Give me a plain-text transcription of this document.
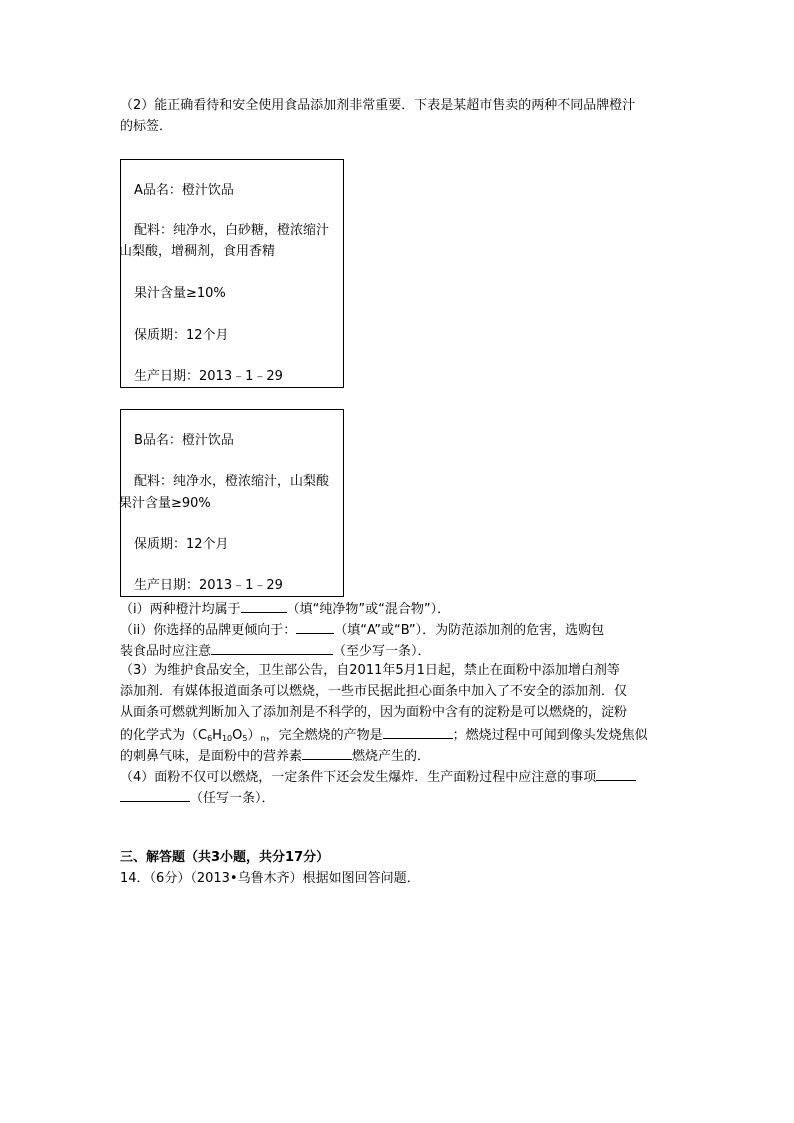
（2）能正确看待和安全使用食品添加剂非常重要．下表是某超市售卖的两种不同品牌橙汁
的标签．
A品名：橙汁饮品
配料：纯净水，白砂糖，橙浓缩汁
山梨酸，增稠剂，食用香精
果汁含量≥10%
保质期：12个月
生产日期：2013﹣1﹣29
B品名：橙汁饮品
配料：纯净水，橙浓缩汁，山梨酸
果汁含量≥90%
保质期：12个月
生产日期：2013﹣1﹣29
（i）两种橙汁均属于	（填“纯净物”或“混合物”）．
（ii）你选择的品牌更倾向于：	（填“A”或“B”）．为防范添加剂的危害，选购包
装食品时应注意	（至少写一条）．
（3）为维护食品安全，卫生部公告，自2011年5月1日起，禁止在面粉中添加增白剂等
添加剂．有媒体报道面条可以燃烧，一些市民据此担心面条中加入了不安全的添加剂．仅
从面条可燃就判断加入了添加剂是不科学的，因为面粉中含有的淀粉是可以燃烧的，淀粉
的化学式为$(C_6H_{10}O_5)_n$，完全燃烧的产物是	；燃烧过程中可闻到像头发烧焦似
的刺鼻气味，是面粉中的营养素	燃烧产生的．
（4）面粉不仅可以燃烧，一定条件下还会发生爆炸．生产面粉过程中应注意的事项
（任写一条）．
三、解答题（共3小题，共分17分）
14．（6分）（2013•乌鲁木齐）根据如图回答问题．
